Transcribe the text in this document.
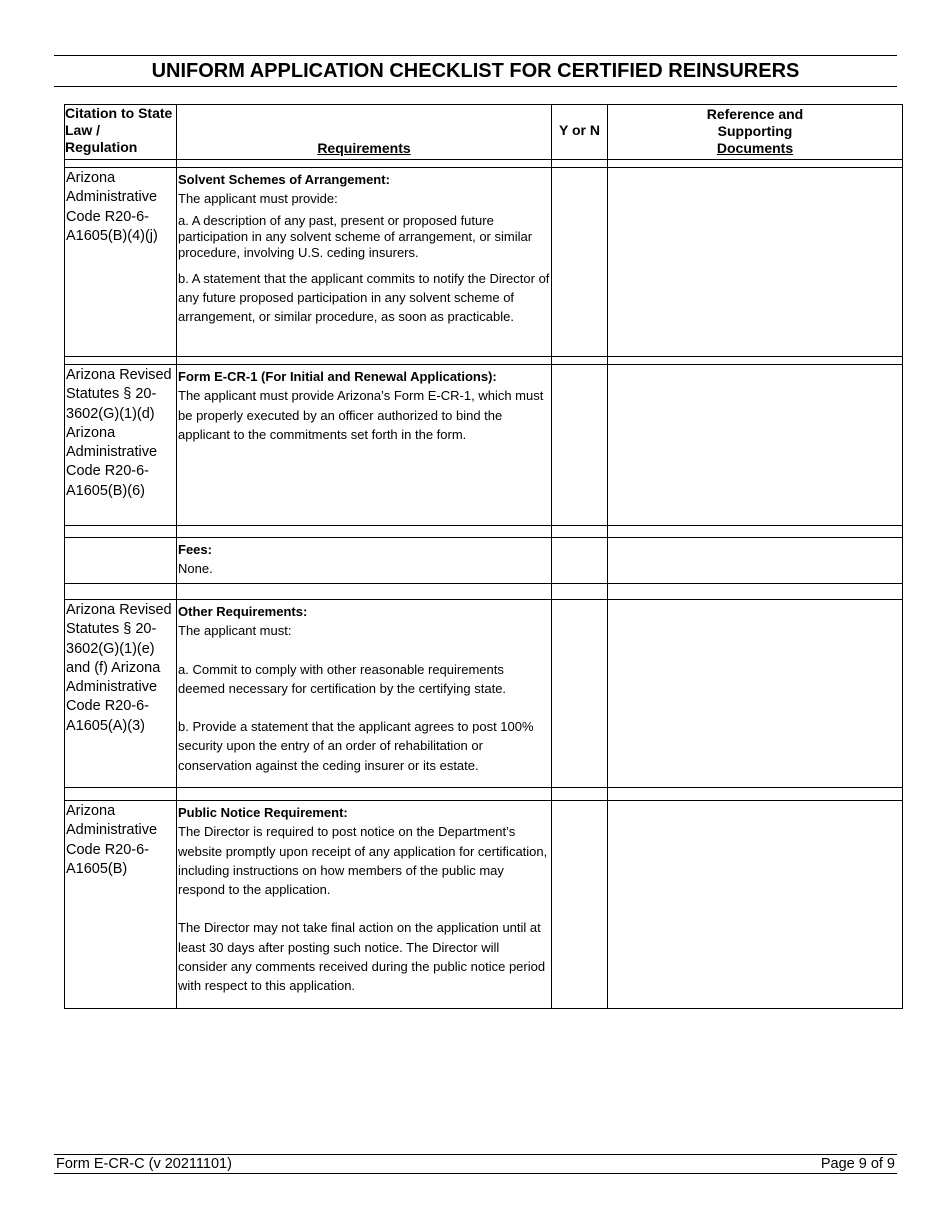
UNIFORM APPLICATION CHECKLIST FOR CERTIFIED REINSURERS
Citation to State Law / Regulation	Requirements	Y or N	Reference and
Supporting
Documents

Arizona Administrative Code R20-6-A1605(B)(4)(j)	Solvent Schemes of Arrangement:

The applicant must provide:

a. A description of any past, present or proposed future participation in any solvent scheme of arrangement, or similar procedure, involving U.S. ceding insurers.

b. A statement that the applicant commits to notify the Director of any future proposed participation in any solvent scheme of arrangement, or similar procedure, as soon as practicable.		

Arizona Revised Statutes § 20-3602(G)(1)(d) Arizona Administrative Code R20-6-A1605(B)(6)	Form E-CR-1 (For Initial and Renewal Applications):

The applicant must provide Arizona’s Form E-CR-1, which must be properly executed by an officer authorized to bind the applicant to the commitments set forth in the form.		

	Fees:

None.		

Arizona Revised Statutes § 20-3602(G)(1)(e) and (f) Arizona Administrative Code R20-6-A1605(A)(3)	Other Requirements:

The applicant must:

a. Commit to comply with other reasonable requirements deemed necessary for certification by the certifying state.

b. Provide a statement that the applicant agrees to post 100% security upon the entry of an order of rehabilitation or conservation against the ceding insurer or its estate.		

Arizona Administrative Code R20-6-A1605(B)	Public Notice Requirement:

The Director is required to post notice on the Department’s website promptly upon receipt of any application for certification, including instructions on how members of the public may respond to the application.

The Director may not take final action on the application until at least 30 days after posting such notice. The Director will consider any comments received during the public notice period with respect to this application.		

Form E-CR-C (v 20211101)	Page 9 of 9
